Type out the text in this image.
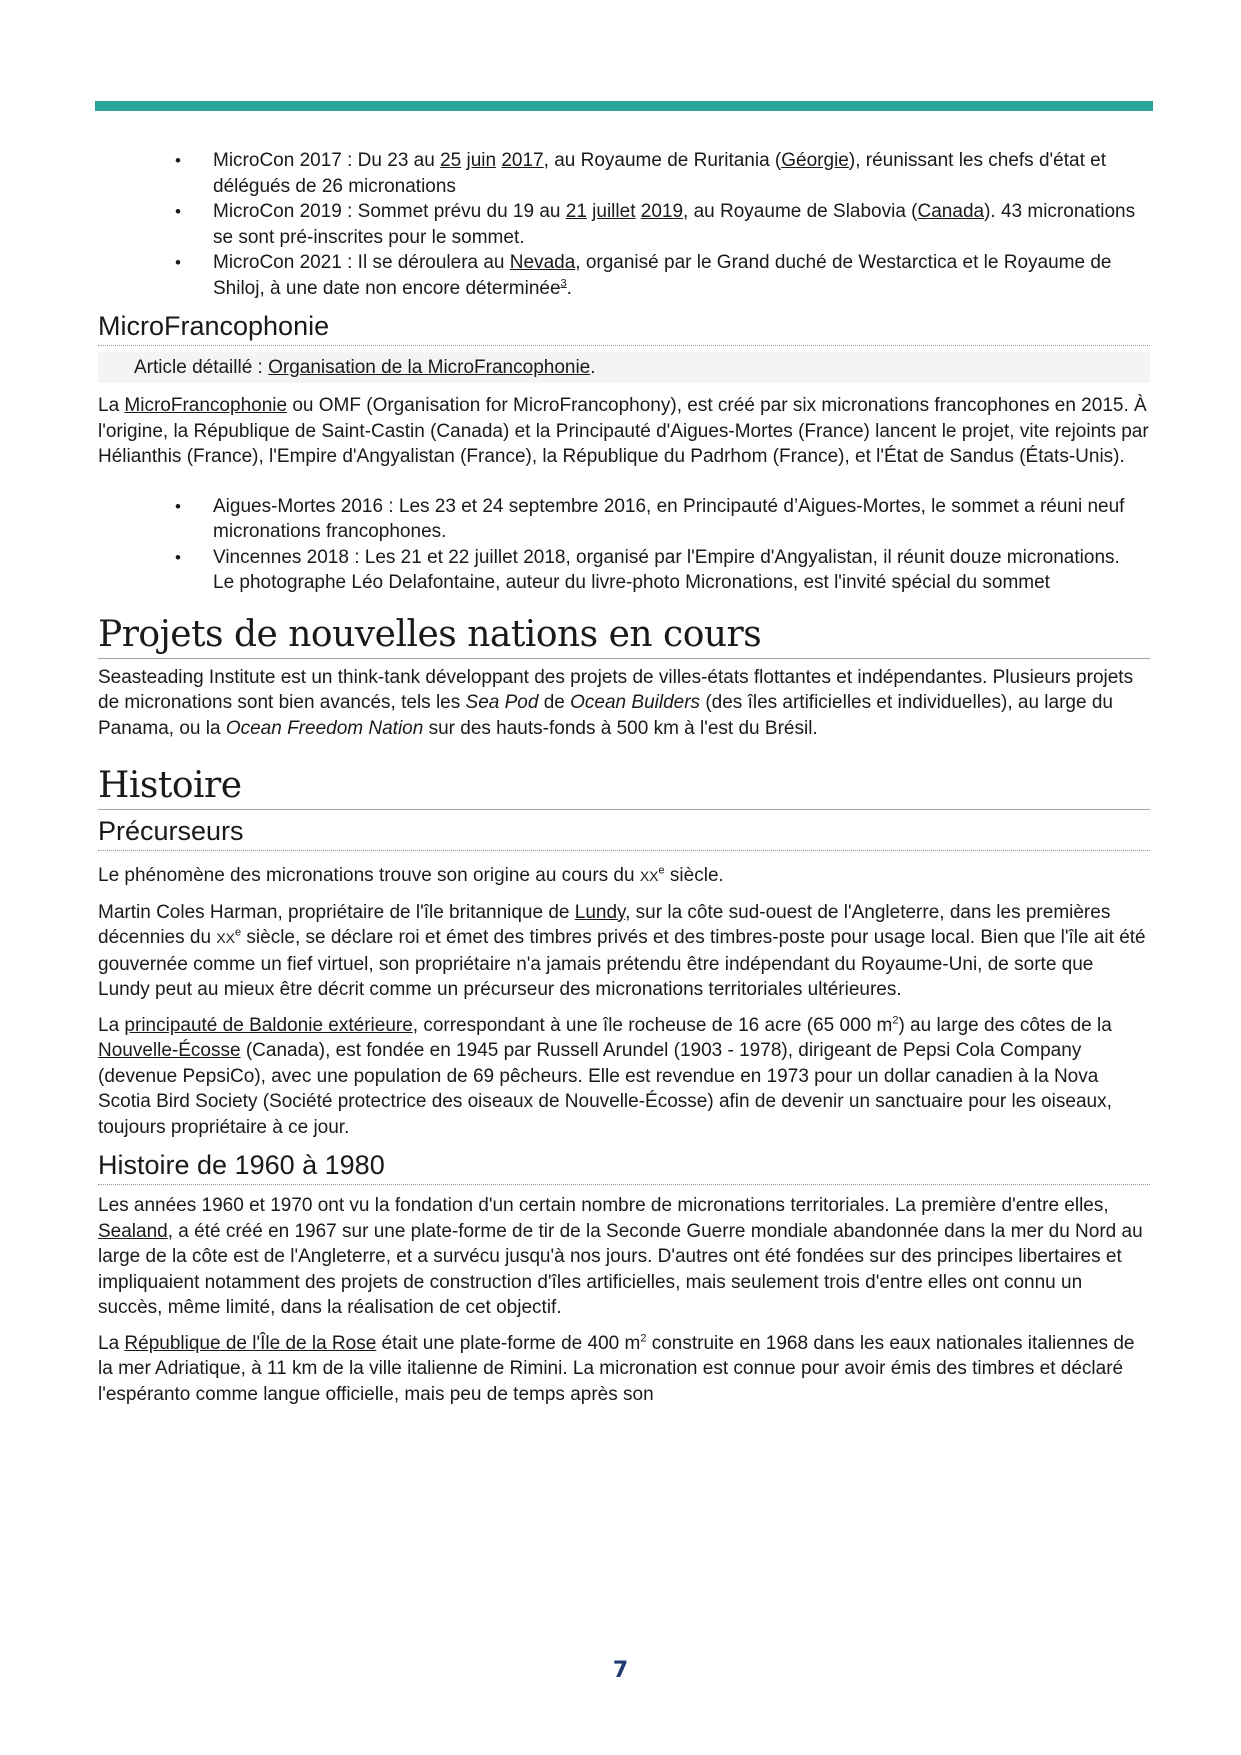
• MicroCon 2017 : Du 23 au 25 juin 2017, au Royaume de Ruritania (Géorgie), réunissant les chefs d'état et délégués de 26 micronations
• MicroCon 2019 : Sommet prévu du 19 au 21 juillet 2019, au Royaume de Slabovia (Canada). 43 micronations se sont pré-inscrites pour le sommet.
• MicroCon 2021 : Il se déroulera au Nevada, organisé par le Grand duché de Westarctica et le Royaume de Shiloj, à une date non encore déterminée$^3$.
MicroFrancophonie
Article détaillé : Organisation de la MicroFrancophonie.

La MicroFrancophonie ou OMF (Organisation for MicroFrancophony), est créé par six micronations francophones en 2015. À l'origine, la République de Saint-Castin (Canada) et la Principauté d'Aigues-Mortes (France) lancent le projet, vite rejoints par Hélianthis (France), l'Empire d'Angyalistan (France), la République du Padrhom (France), et l'État de Sandus (États-Unis).

• Aigues-Mortes 2016 : Les 23 et 24 septembre 2016, en Principauté d’Aigues-Mortes, le sommet a réuni neuf micronations francophones.
• Vincennes 2018 : Les 21 et 22 juillet 2018, organisé par l'Empire d'Angyalistan, il réunit douze micronations.
Le photographe Léo Delafontaine, auteur du livre-photo Micronations, est l'invité spécial du sommet
Projets de nouvelles nations en cours

Seasteading Institute est un think-tank développant des projets de villes-états flottantes et indépendantes. Plusieurs projets de micronations sont bien avancés, tels les Sea Pod de Ocean Builders (des îles artificielles et individuelles), au large du Panama, ou la Ocean Freedom Nation sur des hauts-fonds à 500 km à l'est du Brésil.

Histoire
Précurseurs

Le phénomène des micronations trouve son origine au cours du XXe siècle.

Martin Coles Harman, propriétaire de l'île britannique de Lundy, sur la côte sud-ouest de l'Angleterre, dans les premières décennies du XXe siècle, se déclare roi et émet des timbres privés et des timbres-poste pour usage local. Bien que l'île ait été gouvernée comme un fief virtuel, son propriétaire n'a jamais prétendu être indépendant du Royaume-Uni, de sorte que Lundy peut au mieux être décrit comme un précurseur des micronations territoriales ultérieures.

La principauté de Baldonie extérieure, correspondant à une île rocheuse de 16 acre (65 000 $m^2$) au large des côtes de la Nouvelle-Écosse (Canada), est fondée en 1945 par Russell Arundel (1903 - 1978), dirigeant de Pepsi Cola Company (devenue PepsiCo), avec une population de 69 pêcheurs. Elle est revendue en 1973 pour un dollar canadien à la Nova Scotia Bird Society (Société protectrice des oiseaux de Nouvelle-Écosse) afin de devenir un sanctuaire pour les oiseaux, toujours propriétaire à ce jour.

Histoire de 1960 à 1980

Les années 1960 et 1970 ont vu la fondation d'un certain nombre de micronations territoriales. La première d'entre elles, Sealand, a été créé en 1967 sur une plate-forme de tir de la Seconde Guerre mondiale abandonnée dans la mer du Nord au large de la côte est de l'Angleterre, et a survécu jusqu'à nos jours. D'autres ont été fondées sur des principes libertaires et impliquaient notamment des projets de construction d'îles artificielles, mais seulement trois d'entre elles ont connu un succès, même limité, dans la réalisation de cet objectif.

La République de l'Île de la Rose était une plate-forme de 400 $m^2$ construite en 1968 dans les eaux nationales italiennes de la mer Adriatique, à 11 km de la ville italienne de Rimini. La micronation est connue pour avoir émis des timbres et déclaré l'espéranto comme langue officielle, mais peu de temps après son

7
